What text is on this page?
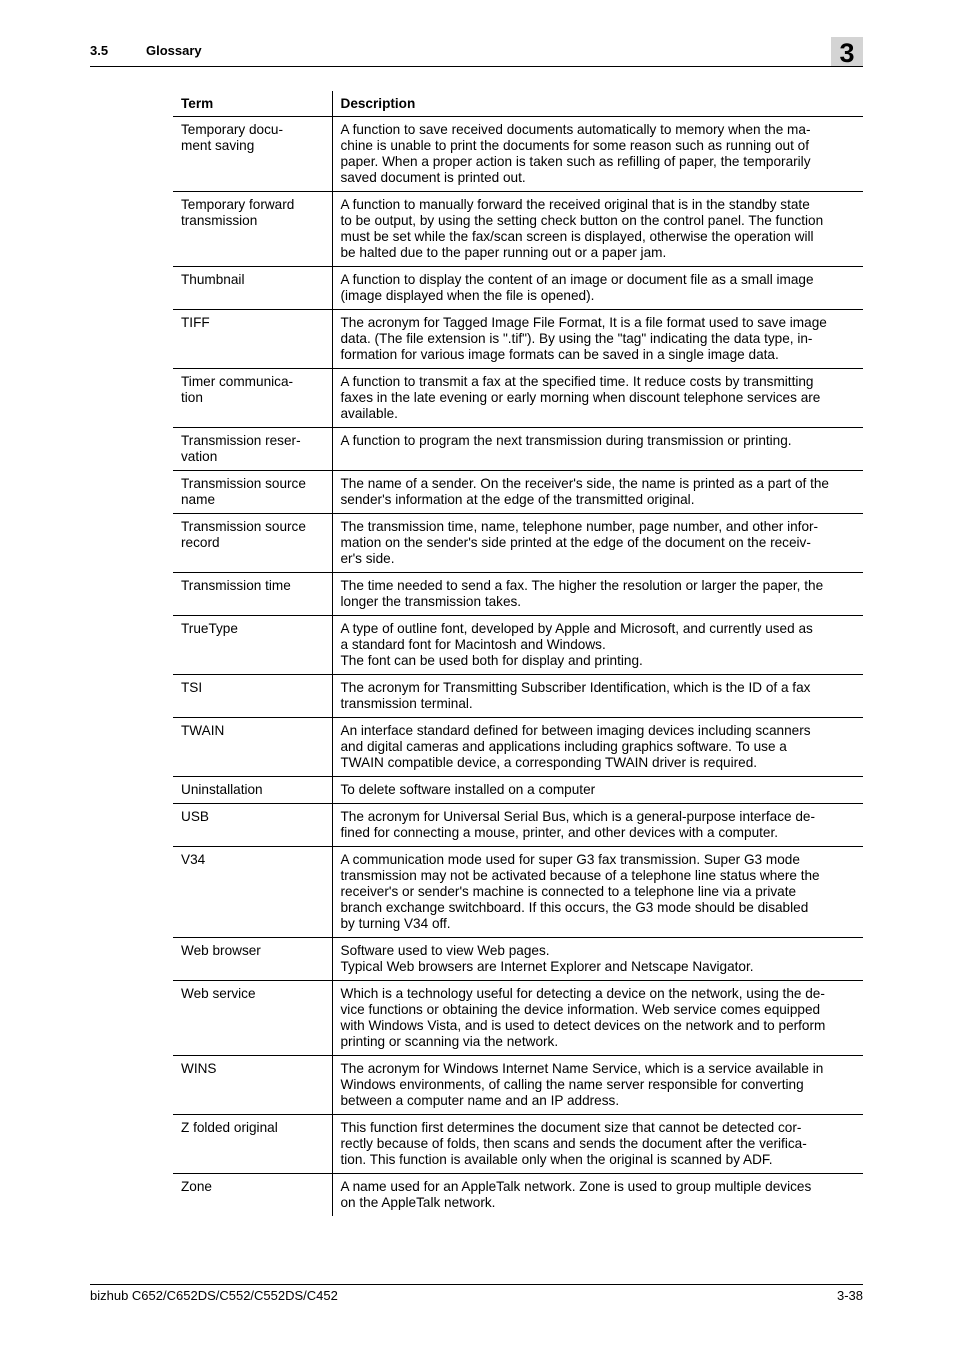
3.5	Glossary	3
Term	Description
Temporary docu-
ment saving	A function to save received documents automatically to memory when the ma-
chine is unable to print the documents for some reason such as running out of
paper. When a proper action is taken such as refilling of paper, the temporarily
saved document is printed out.
Temporary forward
transmission	A function to manually forward the received original that is in the standby state
to be output, by using the setting check button on the control panel. The function
must be set while the fax/scan screen is displayed, otherwise the operation will
be halted due to the paper running out or a paper jam.
Thumbnail	A function to display the content of an image or document file as a small image
(image displayed when the file is opened).
TIFF	The acronym for Tagged Image File Format, It is a file format used to save image
data. (The file extension is ".tif"). By using the "tag" indicating the data type, in-
formation for various image formats can be saved in a single image data.
Timer communica-
tion	A function to transmit a fax at the specified time. It reduce costs by transmitting
faxes in the late evening or early morning when discount telephone services are
available.
Transmission reser-
vation	A function to program the next transmission during transmission or printing.
Transmission source
name	The name of a sender. On the receiver's side, the name is printed as a part of the
sender's information at the edge of the transmitted original.
Transmission source
record	The transmission time, name, telephone number, page number, and other infor-
mation on the sender's side printed at the edge of the document on the receiv-
er's side.
Transmission time	The time needed to send a fax. The higher the resolution or larger the paper, the
longer the transmission takes.
TrueType	A type of outline font, developed by Apple and Microsoft, and currently used as
a standard font for Macintosh and Windows.
The font can be used both for display and printing.
TSI	The acronym for Transmitting Subscriber Identification, which is the ID of a fax
transmission terminal.
TWAIN	An interface standard defined for between imaging devices including scanners
and digital cameras and applications including graphics software. To use a
TWAIN compatible device, a corresponding TWAIN driver is required.
Uninstallation	To delete software installed on a computer
USB	The acronym for Universal Serial Bus, which is a general-purpose interface de-
fined for connecting a mouse, printer, and other devices with a computer.
V34	A communication mode used for super G3 fax transmission. Super G3 mode
transmission may not be activated because of a telephone line status where the
receiver's or sender's machine is connected to a telephone line via a private
branch exchange switchboard. If this occurs, the G3 mode should be disabled
by turning V34 off.
Web browser	Software used to view Web pages.
Typical Web browsers are Internet Explorer and Netscape Navigator.
Web service	Which is a technology useful for detecting a device on the network, using the de-
vice functions or obtaining the device information. Web service comes equipped
with Windows Vista, and is used to detect devices on the network and to perform
printing or scanning via the network.
WINS	The acronym for Windows Internet Name Service, which is a service available in
Windows environments, of calling the name server responsible for converting
between a computer name and an IP address.
Z folded original	This function first determines the document size that cannot be detected cor-
rectly because of folds, then scans and sends the document after the verifica-
tion. This function is available only when the original is scanned by ADF.
Zone	A name used for an AppleTalk network. Zone is used to group multiple devices
on the AppleTalk network.
bizhub C652/C652DS/C552/C552DS/C452	3-38
